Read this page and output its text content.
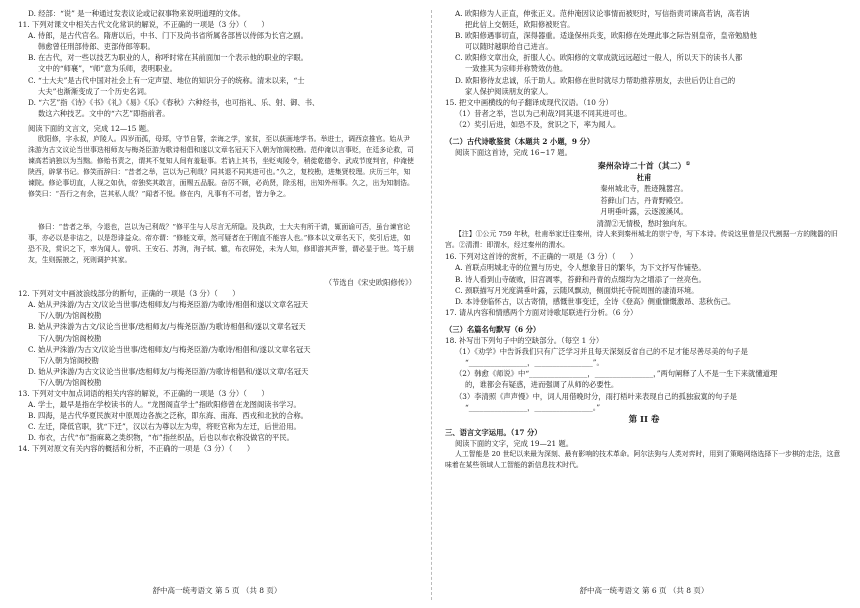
D. 经部：“说” 是一种通过发表议论或记叙事物来说明道理的文体。

11. 下列对课文中相关古代文化常识的解说，不正确的一项是（3 分）（　　）

A. 侍郎，是古代官名。隋唐以后，中书、门下及尚书省所属各部皆以侍郎为长官之副。

韩愈曾任刑部侍郎、吏部侍郎等职。

B. 在古代，对一些以技艺为职业的人，称呼时常在其前面加一个表示他的职业的字眼。

文中的“师襄”，“师”意为乐师，表明职业。

C. “士大夫”是古代中国对社会上有一定声望、地位的知识分子的统称。清末以来，“士

大夫”也渐渐变成了一个历史名词。

D. “六艺”指《诗》《书》《礼》《易》《乐》《春秋》六种经书，也可指礼、乐、射、御、书、

数这六种技艺。文中的“六艺”即指前者。

阅读下面的文言文，完成 12—15 题。

欧阳修，字永叔，庐陵人。四岁而孤，母郑，守节自誓，亲诲之学，家贫，至以荻画地学书。举进士，调西京推官。始从尹洙游为古文议论当世事迭相师友与梅尧臣游为歌诗相倡和遂以文章名冠天下入朝为馆阁校勘。范仲淹以言事贬，在廷多论救，司谏高若讷独以为当黜。修贻书责之，谓其不复知人间有羞耻事。若讷上其书，坐贬夷陵令，稍徙乾德令、武成节度判官，仲淹使陕西，辟掌书记。修笑而辞曰：“昔者之举，岂以为己利哉？同其退不同其进可也。”久之，复校勘，进集贤校理。庆历三年，知谏院。修论事切直，人视之如仇，帝独奖其敢言，面赐五品服。奋厉不顾，必尚贤，除丞相，出知外州事。久之，出为知制诰。修笑曰：“吾行之有余，岂其私人哉？”闻者不悦。修在内，凡事有不可者，皆力争之。

修曰：“昔者之举，今退也，岂以为己利哉？”修平生与人尽言无所隐。及执政，士大夫有所干请，辄面谕可否，虽台谏官论事，亦必以是非诘之，以是怨诽益众。帝亦谓：“修能文章，然可疑者在于刚直不能容人也。”修本以文章名天下，奖引后进，如恐不及，赏识之下，率为闻人。曾巩、王安石、苏洵，洵子轼、辙，布衣屏处，未为人知，修即游其声誉，谓必显于世。笃于朋友，生则振掖之，死则调护其家。

（节选自《宋史欧阳修传》）

12. 下列对文中画波浪线部分的断句，正确的一项是（3 分）（　　）

A. 始从尹洙游/为古文/议论当世事/迭相师友/与梅尧臣游/为歌诗/相倡和遂以文章名冠天

下/入朝/为馆阁校勘

B. 始从尹洙游为古文/议论当世事/迭相师友/与梅尧臣游/为歌诗相倡和/遂以文章名冠天

下/入朝/为馆阁校勘

C. 始从尹洙游/为古文/议论当世事/迭相师友/与梅尧臣游/为歌诗/相倡和/遂以文章名冠天

下/入朝为馆阁校勘

D. 始从尹洙游/为古文议论当世事/迭相师友/与梅尧臣游/为歌诗相倡和/遂以文章/名冠天

下/入朝/为馆阁校勘

13. 下列对文中加点词语的相关内容的解说，不正确的一项是（3 分）（　　）

A. 学士，最早是指在学校读书的人。“龙图阁直学士”指欧阳修曾在龙图阁读书学习。

B. 四海，是古代华夏民族对中原周边各族之泛称，即东海、南海、西戎和北狄的合称。

C. 左迁，降低官职，犹“下迁”，汉以右为尊以左为卑，将贬官称为左迁，后世沿用。

D. 布衣，古代“布”指麻葛之类织物，“布”指丝织品，后也以布衣称没做官的平民。

14. 下列对原文有关内容的概括和分析，不正确的一项是（3 分）（　　）

舒中高一统考语文 第 5 页 （共 8 页）

A. 欧阳修为人正直，伸张正义。范仲淹因议论事情而被贬时，写信指责司谏高若讷，高若讷

把此信上交朝廷，欧阳修被贬官。

B. 欧阳修遇事切直，深得器重。适逢保州兵变，欧阳修在处理此事之际告别皇帝，皇帝勉励他

可以随时越职给自己进言。

C. 欧阳修文章出众，折服人心。欧阳修的文章成就远远超过一般人，所以天下的读书人都

一致推其为宗师并称赞效仿他。

D. 欧阳修待友忠诚，乐于助人。欧阳修在世时就尽力帮助推荐朋友，去世后仍让自己的

家人保护阅读朋友的家人。

15. 把文中画横线的句子翻译成现代汉语。（10 分）

（1）昔者之举，岂以为己利哉?同其退不同其进可也。

（2）奖引后进，如恐不及，赏识之下，率为闻人。

（二）古代诗歌鉴赏（本题共 2 小题，9 分）

阅读下面这首诗，完成 16~17 题。

秦州杂诗二十首（其二）①

杜甫

秦州城北寺，胜迹隗嚣宫。

苔藓山门古，丹青野殿空。

月明垂叶露，云逐渡溪风。

清渭②无情极，愁时独向东。

【注】①公元 759 年秋，杜甫举家迁往秦州，诗人来到秦州城北的崇宁寺，写下本诗。传说这里曾是汉代割据一方的隗嚣的旧宫。②清渭：即渭水，经过秦州的渭水。

16. 下列对这首诗的赏析，不正确的一项是（3 分）（　　）

A. 首联点明城北寺的位置与历史，令人想象昔日的繁华，为下文抒写作铺垫。

B. 诗人看到山寺破败，旧宫凋零，苔藓和丹青的点缀均为之增添了一丝亮色。

C. 颈联描写月光度满垂叶露，云随风飘动，侧面烘托寺院周围的凄清环境。

D. 本诗登临怀古，以古寄情，感慨世事变迁，全诗《登高》侧重慷慨激昂、悲秋伤己。

17. 请从内容和情感两个方面对诗歌尾联进行分析。（6 分）

（三）名篇名句默写（6 分）

18. 补写出下列句子中的空缺部分。（每空 1 分）

（1）《劝学》中告诉我们只有广泛学习并且每天深刻反省自己的不足才能尽善尽美的句子是

“________________，________________”。

（2）韩愈《师说》中“________________，________________，”两句阐释了人不是一生下来就懂道理

的，谁都会有疑惑，进而强调了从师的必要性。

（3）李清照《声声慢》中，词人用借晚时分，雨打梧叶来表现自己的孤独寂寞的句子是

“________________，________________。”

第 II 卷

三、语言文字运用。（17 分）

阅读下面的文字，完成 19—21 题。

人工智能是 20 世纪以来最为深刻、最有影响的技术革命。阿尔法狗与人类对弈时，用到了策略网络选择下一步棋的走法，这意味着在某些领域人工智能的新信息技术时代。

舒中高一统考语文 第 6 页 （共 8 页）
